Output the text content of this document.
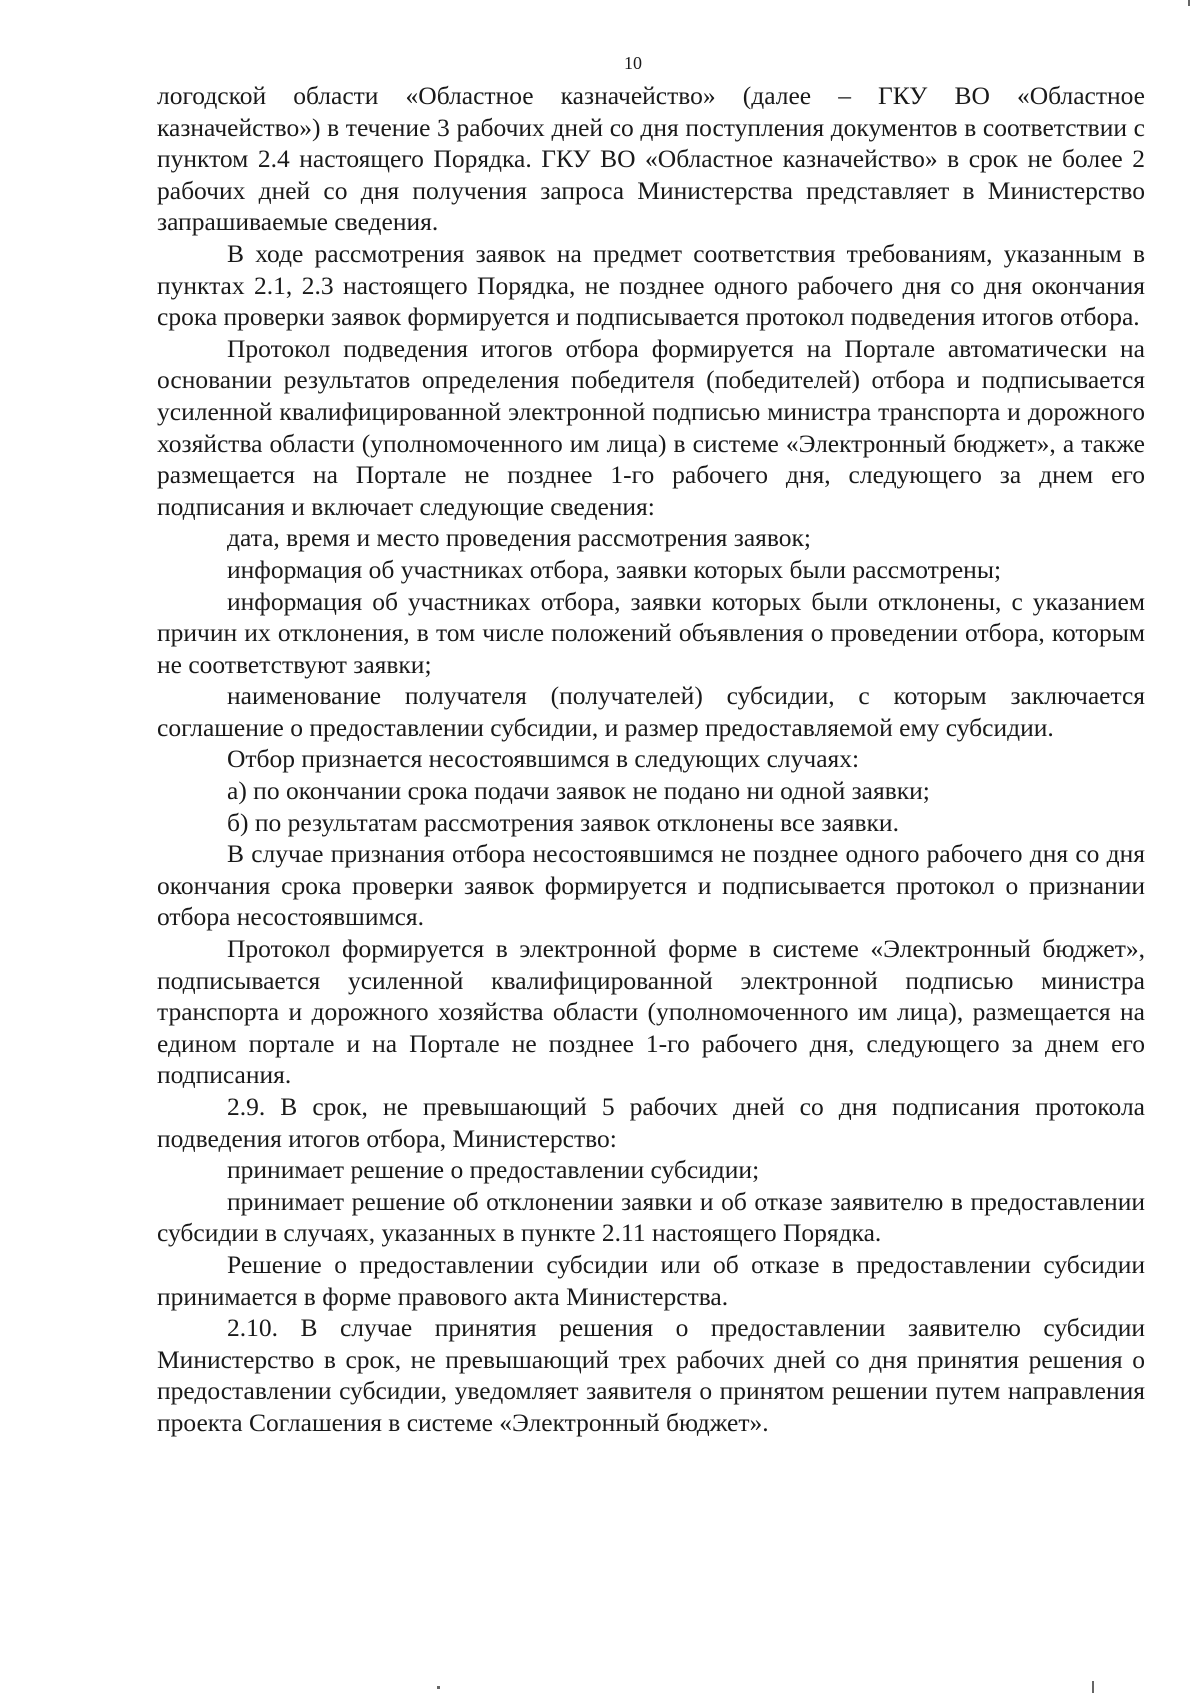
10

логодской области «Областное казначейство» (далее – ГКУ ВО «Областное казначейство») в течение 3 рабочих дней со дня поступления документов в соответствии с пунктом 2.4 настоящего Порядка. ГКУ ВО «Областное казначейство» в срок не более 2 рабочих дней со дня получения запроса Министерства представляет в Министерство запрашиваемые сведения.

В ходе рассмотрения заявок на предмет соответствия требованиям, указанным в пунктах 2.1, 2.3 настоящего Порядка, не позднее одного рабочего дня со дня окончания срока проверки заявок формируется и подписывается протокол подведения итогов отбора.

Протокол подведения итогов отбора формируется на Портале автоматически на основании результатов определения победителя (победителей) отбора и подписывается усиленной квалифицированной электронной подписью министра транспорта и дорожного хозяйства области (уполномоченного им лица) в системе «Электронный бюджет», а также размещается на Портале не позднее 1-го рабочего дня, следующего за днем его подписания и включает следующие сведения:

дата, время и место проведения рассмотрения заявок;

информация об участниках отбора, заявки которых были рассмотрены;

информация об участниках отбора, заявки которых были отклонены, с указанием причин их отклонения, в том числе положений объявления о проведении отбора, которым не соответствуют заявки;

наименование получателя (получателей) субсидии, с которым заключается соглашение о предоставлении субсидии, и размер предоставляемой ему субсидии.

Отбор признается несостоявшимся в следующих случаях:

а) по окончании срока подачи заявок не подано ни одной заявки;

б) по результатам рассмотрения заявок отклонены все заявки.

В случае признания отбора несостоявшимся не позднее одного рабочего дня со дня окончания срока проверки заявок формируется и подписывается протокол о признании отбора несостоявшимся.

Протокол формируется в электронной форме в системе «Электронный бюджет», подписывается усиленной квалифицированной электронной подписью министра транспорта и дорожного хозяйства области (уполномоченного им лица), размещается на едином портале и на Портале не позднее 1-го рабочего дня, следующего за днем его подписания.

2.9. В срок, не превышающий 5 рабочих дней со дня подписания протокола подведения итогов отбора, Министерство:

принимает решение о предоставлении субсидии;

принимает решение об отклонении заявки и об отказе заявителю в предоставлении субсидии в случаях, указанных в пункте 2.11 настоящего Порядка.

Решение о предоставлении субсидии или об отказе в предоставлении субсидии принимается в форме правового акта Министерства.

2.10. В случае принятия решения о предоставлении заявителю субсидии Министерство в срок, не превышающий трех рабочих дней со дня принятия решения о предоставлении субсидии, уведомляет заявителя о принятом решении путем направления проекта Соглашения в системе «Электронный бюджет».
